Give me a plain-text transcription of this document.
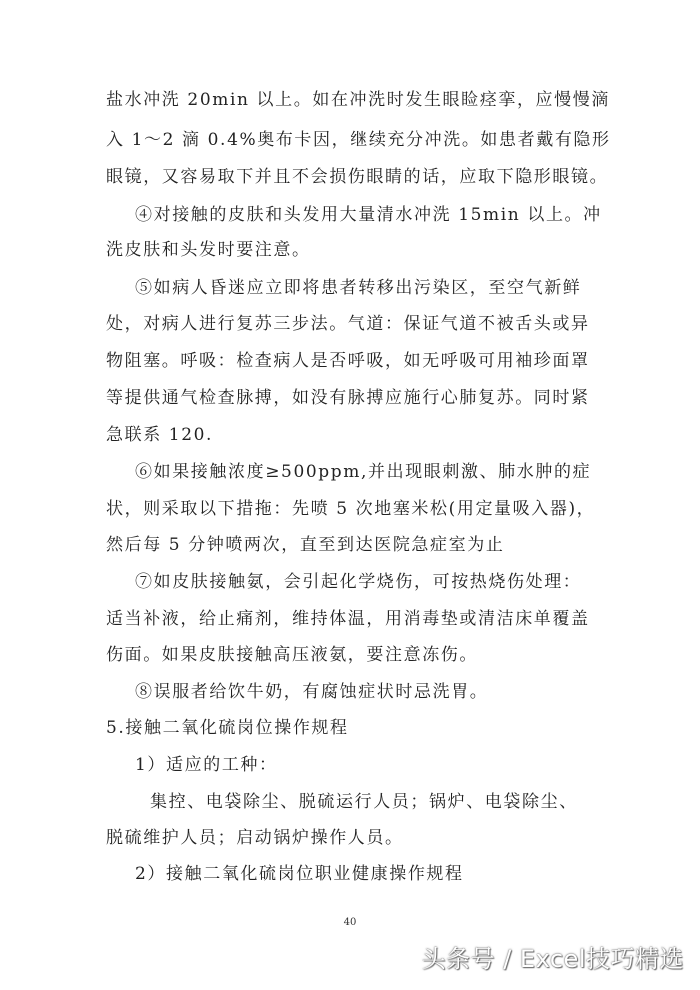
盐水冲洗 20min 以上。如在冲洗时发生眼睑痉挛，应慢慢滴
入 1～2 滴 0.4%奥布卡因，继续充分冲洗。如患者戴有隐形
眼镜，又容易取下并且不会损伤眼睛的话，应取下隐形眼镜。
④对接触的皮肤和头发用大量清水冲洗 15min 以上。冲
洗皮肤和头发时要注意。
⑤如病人昏迷应立即将患者转移出污染区，至空气新鲜
处，对病人进行复苏三步法。气道：保证气道不被舌头或异
物阻塞。呼吸：检查病人是否呼吸，如无呼吸可用袖珍面罩
等提供通气检查脉搏，如没有脉搏应施行心肺复苏。同时紧
急联系 120.
⑥如果接触浓度≥500ppm,并出现眼刺激、肺水肿的症
状，则采取以下措拖：先喷 5 次地塞米松(用定量吸入器)，
然后每 5 分钟喷两次，直至到达医院急症室为止
⑦如皮肤接触氨，会引起化学烧伤，可按热烧伤处理：
适当补液，给止痛剂，维持体温，用消毒垫或清洁床单覆盖
伤面。如果皮肤接触高压液氨，要注意冻伤。
⑧误服者给饮牛奶，有腐蚀症状时忌洗胃。
5.接触二氧化硫岗位操作规程
1）适应的工种：
集控、电袋除尘、脱硫运行人员；锅炉、电袋除尘、
脱硫维护人员；启动锅炉操作人员。
2）接触二氧化硫岗位职业健康操作规程
40
头条号 / Excel技巧精选
